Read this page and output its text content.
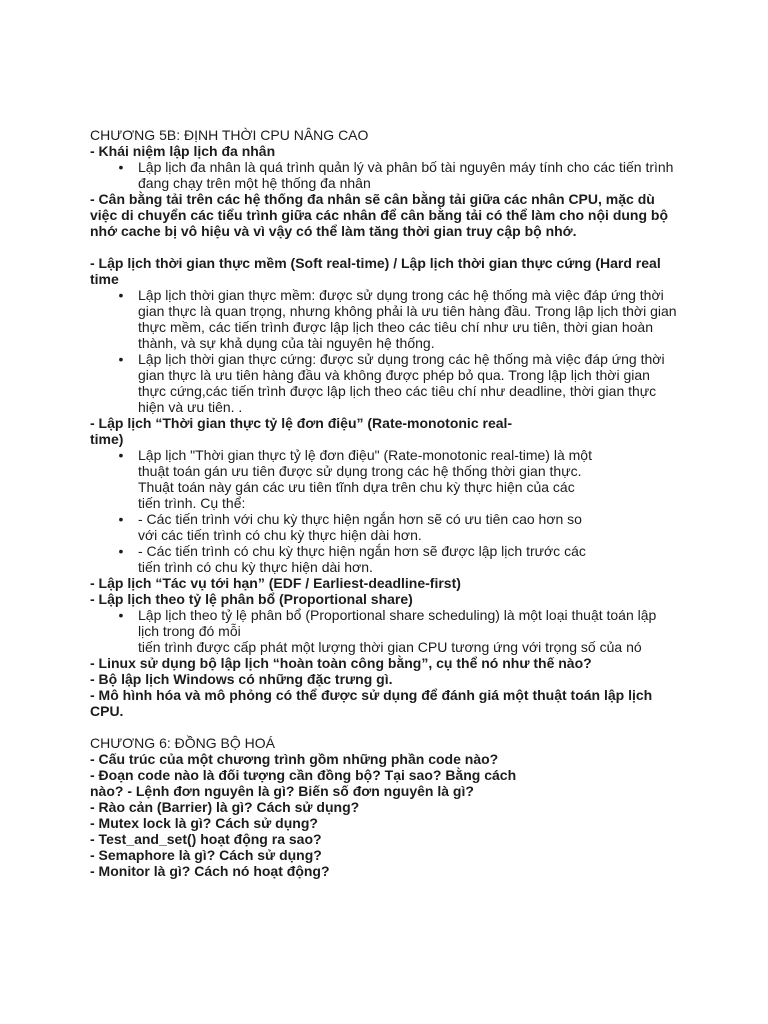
CHƯƠNG 5B: ĐỊNH THỜI CPU NÂNG CAO

- Khái niệm lập lịch đa nhân

•	Lập lịch đa nhân là quá trình quản lý và phân bố tài nguyên máy tính cho các tiến trình đang chạy trên một hệ thống đa nhân

- Cân bằng tải trên các hệ thống đa nhân sẽ cân bằng tải giữa các nhân CPU, mặc dù việc di chuyển các tiểu trình giữa các nhân để cân bằng tải có thể làm cho nội dung bộ nhớ cache bị vô hiệu và vì vậy có thể làm tăng thời gian truy cập bộ nhớ.

- Lập lịch thời gian thực mềm (Soft real-time) / Lập lịch thời gian thực cứng (Hard real time

•	Lập lịch thời gian thực mềm: được sử dụng trong các hệ thống mà việc đáp ứng thời gian thực là quan trọng, nhưng không phải là ưu tiên hàng đầu. Trong lập lịch thời gian thực mềm, các tiến trình được lập lịch theo các tiêu chí như ưu tiên, thời gian hoàn thành, và sự khả dụng của tài nguyên hệ thống.
•	Lập lịch thời gian thực cứng: được sử dụng trong các hệ thống mà việc đáp ứng thời gian thực là ưu tiên hàng đầu và không được phép bỏ qua. Trong lập lịch thời gian thực cứng,các tiến trình được lập lịch theo các tiêu chí như deadline, thời gian thực hiện và ưu tiên. .

- Lập lịch “Thời gian thực tỷ lệ đơn điệu” (Rate-monotonic real-time)

•	Lập lịch "Thời gian thực tỷ lệ đơn điệu" (Rate-monotonic real-time) là một thuật toán gán ưu tiên được sử dụng trong các hệ thống thời gian thực. Thuật toán này gán các ưu tiên tĩnh dựa trên chu kỳ thực hiện của các tiến trình. Cụ thể:
•	- Các tiến trình với chu kỳ thực hiện ngắn hơn sẽ có ưu tiên cao hơn so với các tiến trình có chu kỳ thực hiện dài hơn.
•	- Các tiến trình có chu kỳ thực hiện ngắn hơn sẽ được lập lịch trước các tiến trình có chu kỳ thực hiện dài hơn.

- Lập lịch “Tác vụ tới hạn” (EDF / Earliest-deadline-first)

- Lập lịch theo tỷ lệ phân bổ (Proportional share)

•	Lập lịch theo tỷ lệ phân bổ (Proportional share scheduling) là một loại thuật toán lập lịch trong đó mỗi

tiến trình được cấp phát một lượng thời gian CPU tương ứng với trọng số của nó

- Linux sử dụng bộ lập lịch “hoàn toàn công bằng”, cụ thể nó như thế nào? - Bộ lập lịch Windows có những đặc trưng gì.

- Mô hình hóa và mô phỏng có thể được sử dụng để đánh giá một thuật toán lập lịch CPU.

CHƯƠNG 6: ĐỒNG BỘ HOÁ

- Cấu trúc của một chương trình gồm những phần code nào?

- Đoạn code nào là đối tượng cần đồng bộ? Tại sao? Bằng cách nào? - Lệnh đơn nguyên là gì? Biến số đơn nguyên là gì?

- Rào cản (Barrier) là gì? Cách sử dụng?

- Mutex lock là gì? Cách sử dụng?

- Test_and_set() hoạt động ra sao?

- Semaphore là gì? Cách sử dụng?

- Monitor là gì? Cách nó hoạt động?
